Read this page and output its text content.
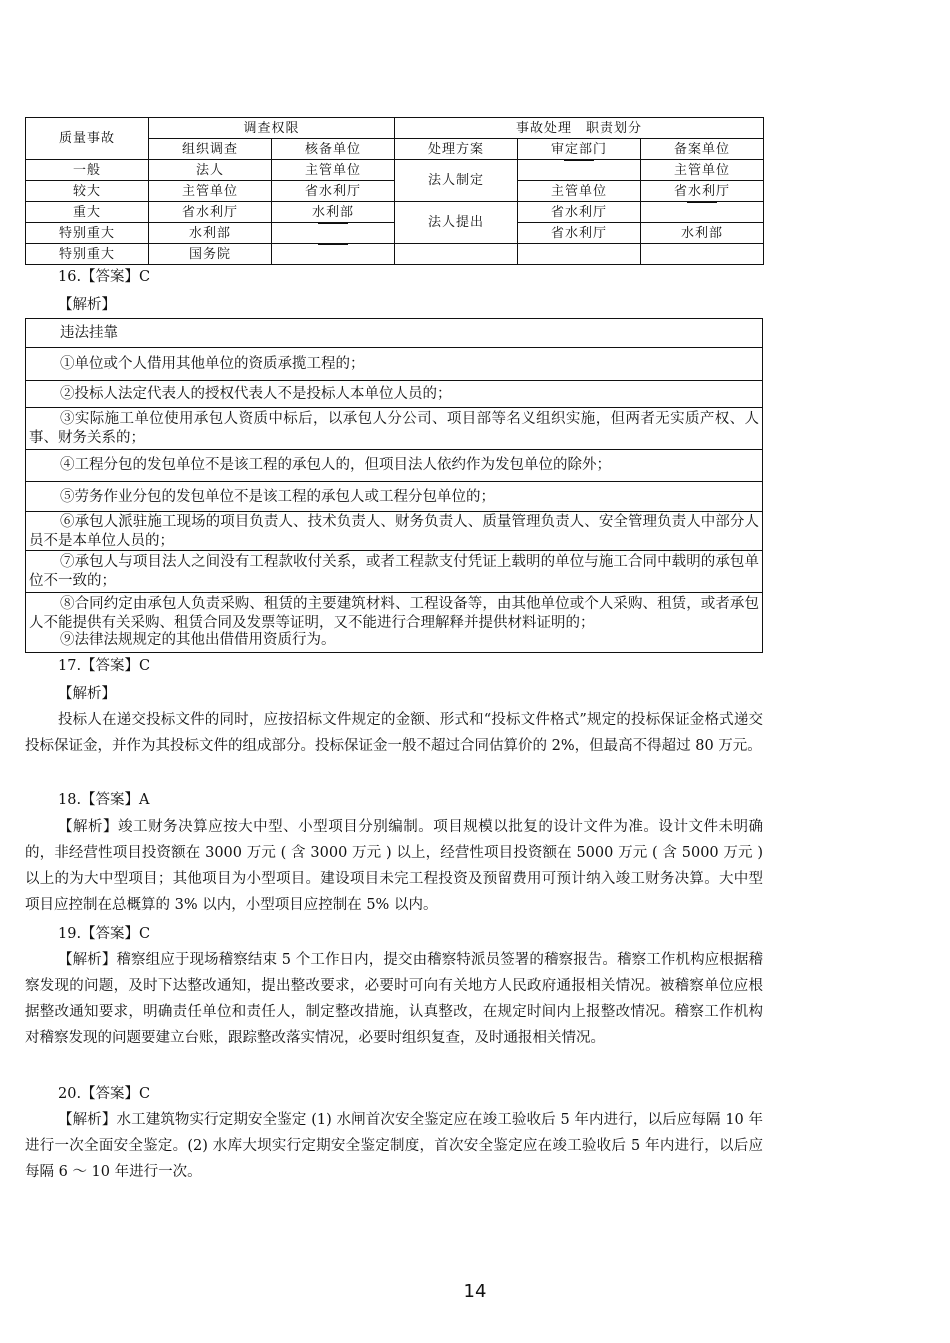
质量事故	调查权限		事故处理　职责划分		
	组织调查	核备单位	处理方案	审定部门	备案单位
一般	法人	主管单位	法人制定		主管单位
较大	主管单位	省水利厅		主管单位	省水利厅
重大	省水利厅	水利部	法人提出	省水利厅	
特别重大	水利部			省水利厅	水利部
特别重大	国务院				
16.【答案】C
【解析】
违法挂靠
①单位或个人借用其他单位的资质承揽工程的；
②投标人法定代表人的授权代表人不是投标人本单位人员的；
③实际施工单位使用承包人资质中标后，以承包人分公司、项目部等名义组织实施，但两者无实质产权、人事、财务关系的；
④工程分包的发包单位不是该工程的承包人的，但项目法人依约作为发包单位的除外；
⑤劳务作业分包的发包单位不是该工程的承包人或工程分包单位的；
⑥承包人派驻施工现场的项目负责人、技术负责人、财务负责人、质量管理负责人、安全管理负责人中部分人员不是本单位人员的；
⑦承包人与项目法人之间没有工程款收付关系，或者工程款支付凭证上载明的单位与施工合同中载明的承包单位不一致的；
⑧合同约定由承包人负责采购、租赁的主要建筑材料、工程设备等，由其他单位或个人采购、租赁，或者承包人不能提供有关采购、租赁合同及发票等证明，又不能进行合理解释并提供材料证明的；
⑨法律法规规定的其他出借借用资质行为。
17.【答案】C
【解析】
投标人在递交投标文件的同时，应按招标文件规定的金额、形式和“投标文件格式”规定的投标保证金格式递交投标保证金，并作为其投标文件的组成部分。投标保证金一般不超过合同估算价的 2%，但最高不得超过 80 万元。
18.【答案】A
【解析】竣工财务决算应按大中型、小型项目分别编制。项目规模以批复的设计文件为准。设计文件未明确的，非经营性项目投资额在 3000 万元 ( 含 3000 万元 ) 以上，经营性项目投资额在 5000 万元 ( 含 5000 万元 ) 以上的为大中型项目；其他项目为小型项目。建设项目未完工程投资及预留费用可预计纳入竣工财务决算。大中型项目应控制在总概算的 3% 以内，小型项目应控制在 5% 以内。
19.【答案】C
【解析】稽察组应于现场稽察结束 5 个工作日内，提交由稽察特派员签署的稽察报告。稽察工作机构应根据稽察发现的问题，及时下达整改通知，提出整改要求，必要时可向有关地方人民政府通报相关情况。被稽察单位应根据整改通知要求，明确责任单位和责任人，制定整改措施，认真整改，在规定时间内上报整改情况。稽察工作机构对稽察发现的问题要建立台账，跟踪整改落实情况，必要时组织复查，及时通报相关情况。
20.【答案】C
【解析】水工建筑物实行定期安全鉴定 (1) 水闸首次安全鉴定应在竣工验收后 5 年内进行，以后应每隔 10 年进行一次全面安全鉴定。(2) 水库大坝实行定期安全鉴定制度，首次安全鉴定应在竣工验收后 5 年内进行，以后应每隔 6 ～ 10 年进行一次。
14
